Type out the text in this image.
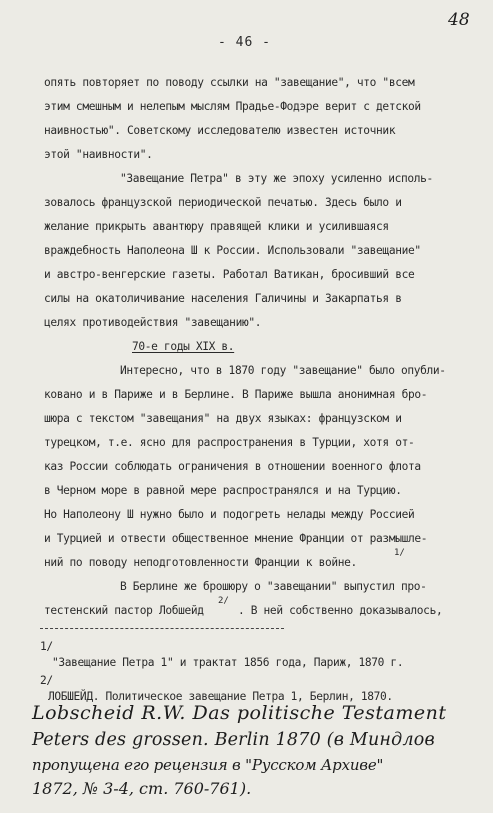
48
- 46 -
опять повторяет по поводу ссылки на "завещание", что "всем
этим смешным и нелепым мыслям Прадье-Фодэре верит с детской
наивностью". Советскому исследователю известен источник
этой "наивности".
"Завещание Петра" в эту же эпоху усиленно исполь-
зовалось французской периодической печатью. Здесь было и
желание прикрыть авантюру правящей клики и усилившаяся
враждебность Наполеона Ш к России. Использовали "завещание"
и австро-венгерские газеты. Работал Ватикан, бросивший все
силы на окатоличивание населения Галичины и Закарпатья в
целях противодействия "завещанию".
70-е годы XIX в.
Интересно, что в 1870 году "завещание" было опубли-
ковано и в Париже и в Берлине. В Париже вышла анонимная бро-
шюра с текстом "завещания" на двух языках: французском и
турецком, т.е. ясно для распространения в Турции, хотя от-
каз России соблюдать ограничения в отношении военного флота
в Черном море в равной мере распространялся и на Турцию.
Но Наполеону Ш нужно было и подогреть нелады между Россией
и Турцией и отвести общественное мнение Франции от размышле-
ний по поводу неподготовленности Франции к войне.
1/
В Берлине же брошюру о "завещании" выпустил про-
тестенский пастор Лобшейд
2/
. В ней собственно доказывалось,
1/
"Завещание Петра 1" и трактат 1856 года, Париж, 1870 г.
2/
ЛОБШЕЙД. Политическое завещание Петра 1, Берлин, 1870.
Lobscheid R.W. Das politische Testament
Peters des grossen. Berlin 1870 (в Миндлов
пропущена его рецензия в "Русском Архиве"
1872, № 3-4, ст. 760-761).
